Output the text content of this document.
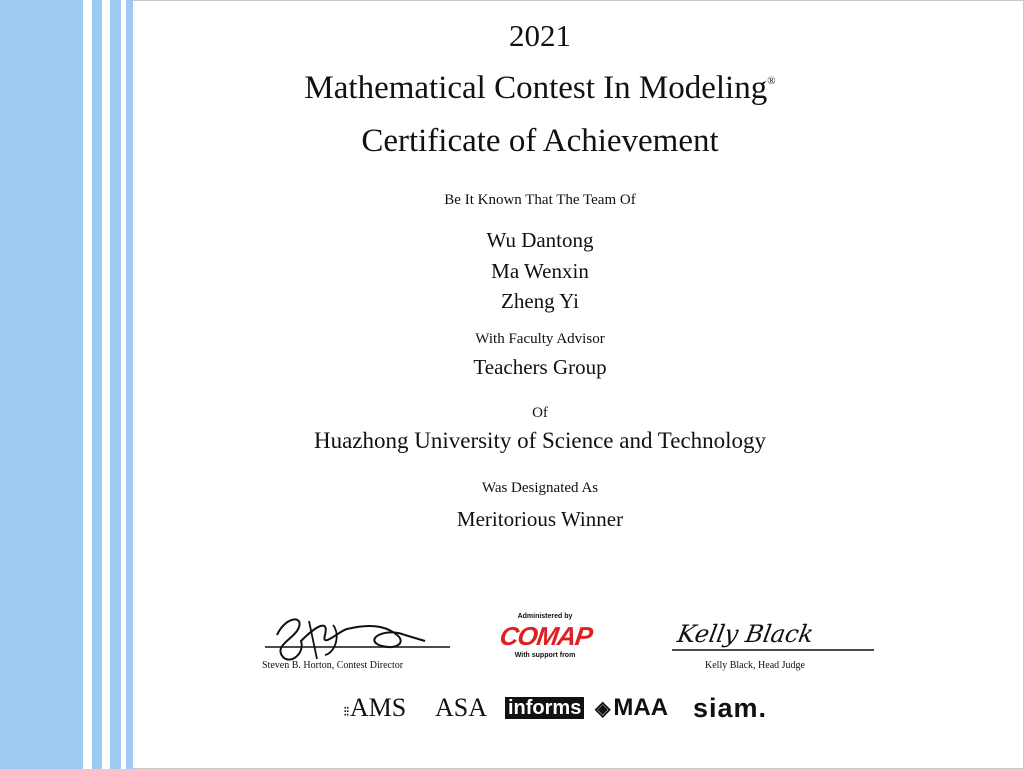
2021
Mathematical Contest In Modeling®
Certificate of Achievement
Be It Known That The Team Of
Wu Dantong
Ma Wenxin
Zheng Yi
With Faculty Advisor
Teachers Group
Of
Huazhong University of Science and Technology
Was Designated As
Meritorious Winner
Steven B. Horton, Contest Director
Administered by
COMAP
With support from
Kelly Black
Kelly Black, Head Judge
⁝⁝AMS ASA informs ◈ MAA siam.
